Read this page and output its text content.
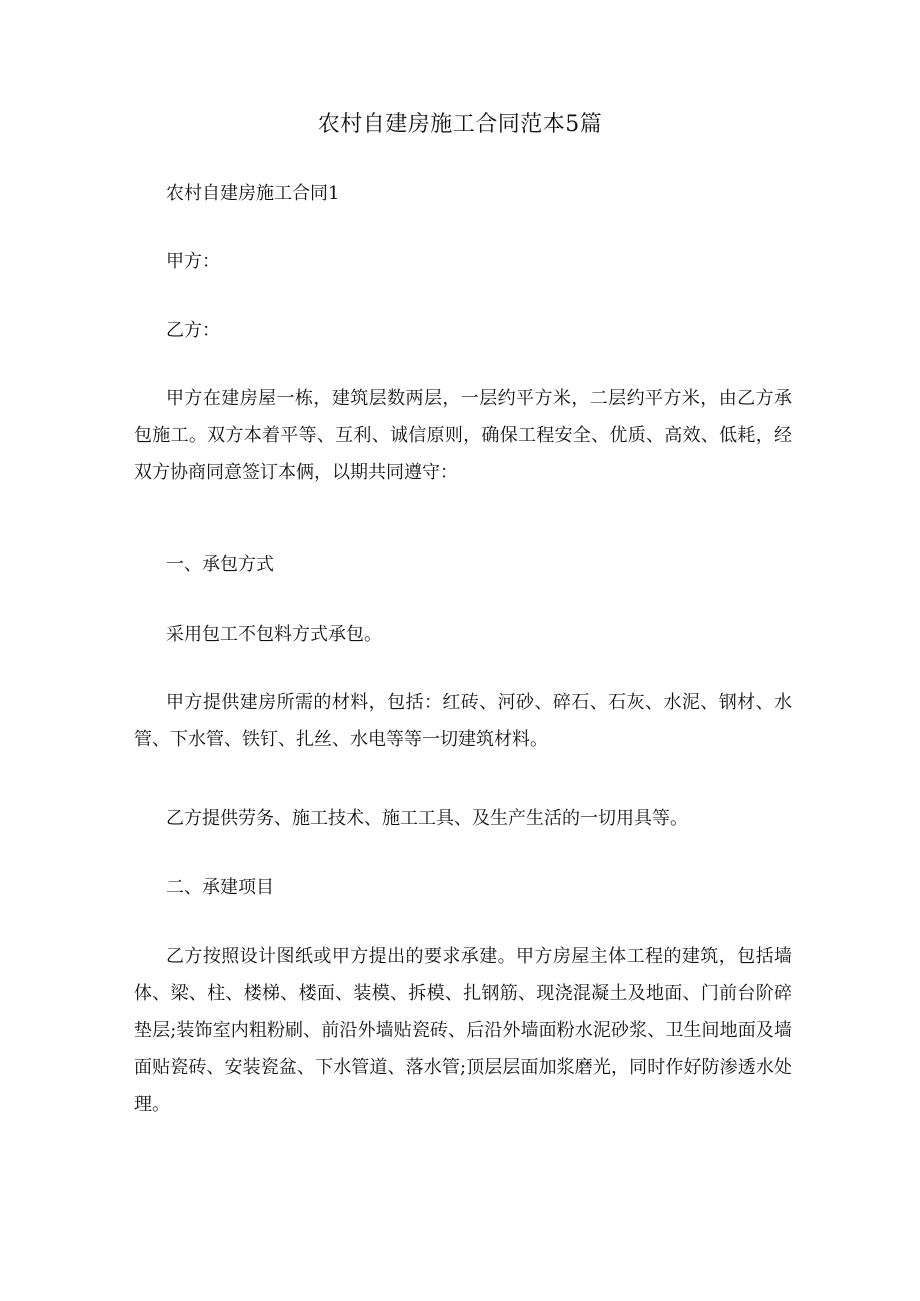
农村自建房施工合同范本5篇

农村自建房施工合同1

甲方：

乙方：

甲方在建房屋一栋，建筑层数两层，一层约平方米，二层约平方米，由乙方承包施工。双方本着平等、互利、诚信原则，确保工程安全、优质、高效、低耗，经双方协商同意签订本俩，以期共同遵守：

一、承包方式

采用包工不包料方式承包。

甲方提供建房所需的材料，包括：红砖、河砂、碎石、石灰、水泥、钢材、水管、下水管、铁钉、扎丝、水电等等一切建筑材料。

乙方提供劳务、施工技术、施工工具、及生产生活的一切用具等。

二、承建项目

乙方按照设计图纸或甲方提出的要求承建。甲方房屋主体工程的建筑，包括墙体、梁、柱、楼梯、楼面、装模、拆模、扎钢筋、现浇混凝土及地面、门前台阶碎垫层;装饰室内粗粉刷、前沿外墙贴瓷砖、后沿外墙面粉水泥砂浆、卫生间地面及墙面贴瓷砖、安装瓷盆、下水管道、落水管;顶层层面加浆磨光，同时作好防渗透水处理。
